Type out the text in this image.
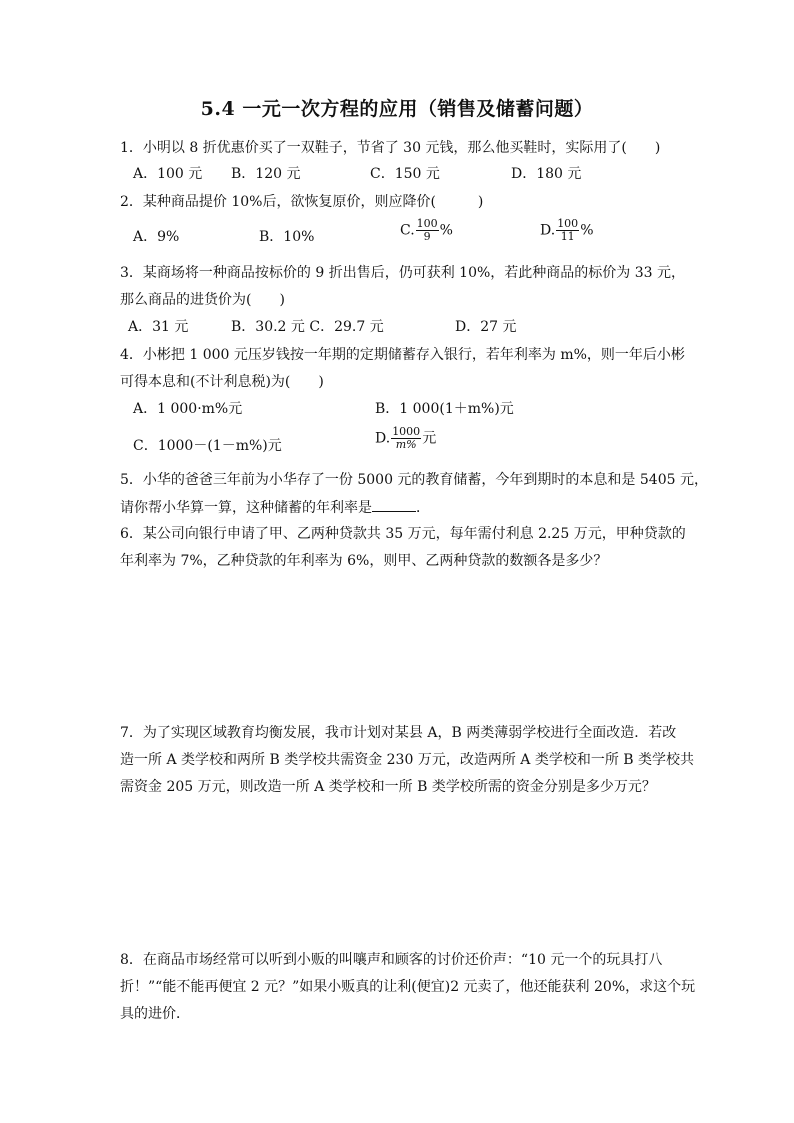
5.4 一元一次方程的应用（销售及储蓄问题）
1．小明以 8 折优惠价买了一双鞋子，节省了 30 元钱，那么他买鞋时，实际用了(　　)
A．100 元 B．120 元	C．150 元	D．180 元
2．某种商品提价 10%后，欲恢复原价，则应降价(　　　)
A．9%	B．10%	C. $\frac{100}{9}$ %	D. $\frac{100}{11}$ %
3．某商场将一种商品按标价的 9 折出售后，仍可获利 10%，若此种商品的标价为 33 元，
那么商品的进货价为(　　)
A．31 元	B．30.2 元 C．29.7 元	D．27 元
4．小彬把 1 000 元压岁钱按一年期的定期储蓄存入银行，若年利率为 m%，则一年后小彬
可得本息和(不计利息税)为(　　)
A．1 000·m%元	B．1 000(1＋m%)元
C．1000－(1－m%)元	D. $\frac{1000}{m\%}$ 元
5．小华的爸爸三年前为小华存了一份 5000 元的教育储蓄，今年到期时的本息和是 5405 元，
请你帮小华算一算，这种储蓄的年利率是	．
6．某公司向银行申请了甲、乙两种贷款共 35 万元，每年需付利息 2.25 万元，甲种贷款的
年利率为 7%，乙种贷款的年利率为 6%，则甲、乙两种贷款的数额各是多少？
7．为了实现区域教育均衡发展，我市计划对某县 A，B 两类薄弱学校进行全面改造．若改
造一所 A 类学校和两所 B 类学校共需资金 230 万元，改造两所 A 类学校和一所 B 类学校共
需资金 205 万元，则改造一所 A 类学校和一所 B 类学校所需的资金分别是多少万元？
8．在商品市场经常可以听到小贩的叫嚷声和顾客的讨价还价声：“10 元一个的玩具打八
折！”“能不能再便宜 2 元？”如果小贩真的让利(便宜)2 元卖了，他还能获利 20%，求这个玩
具的进价．
